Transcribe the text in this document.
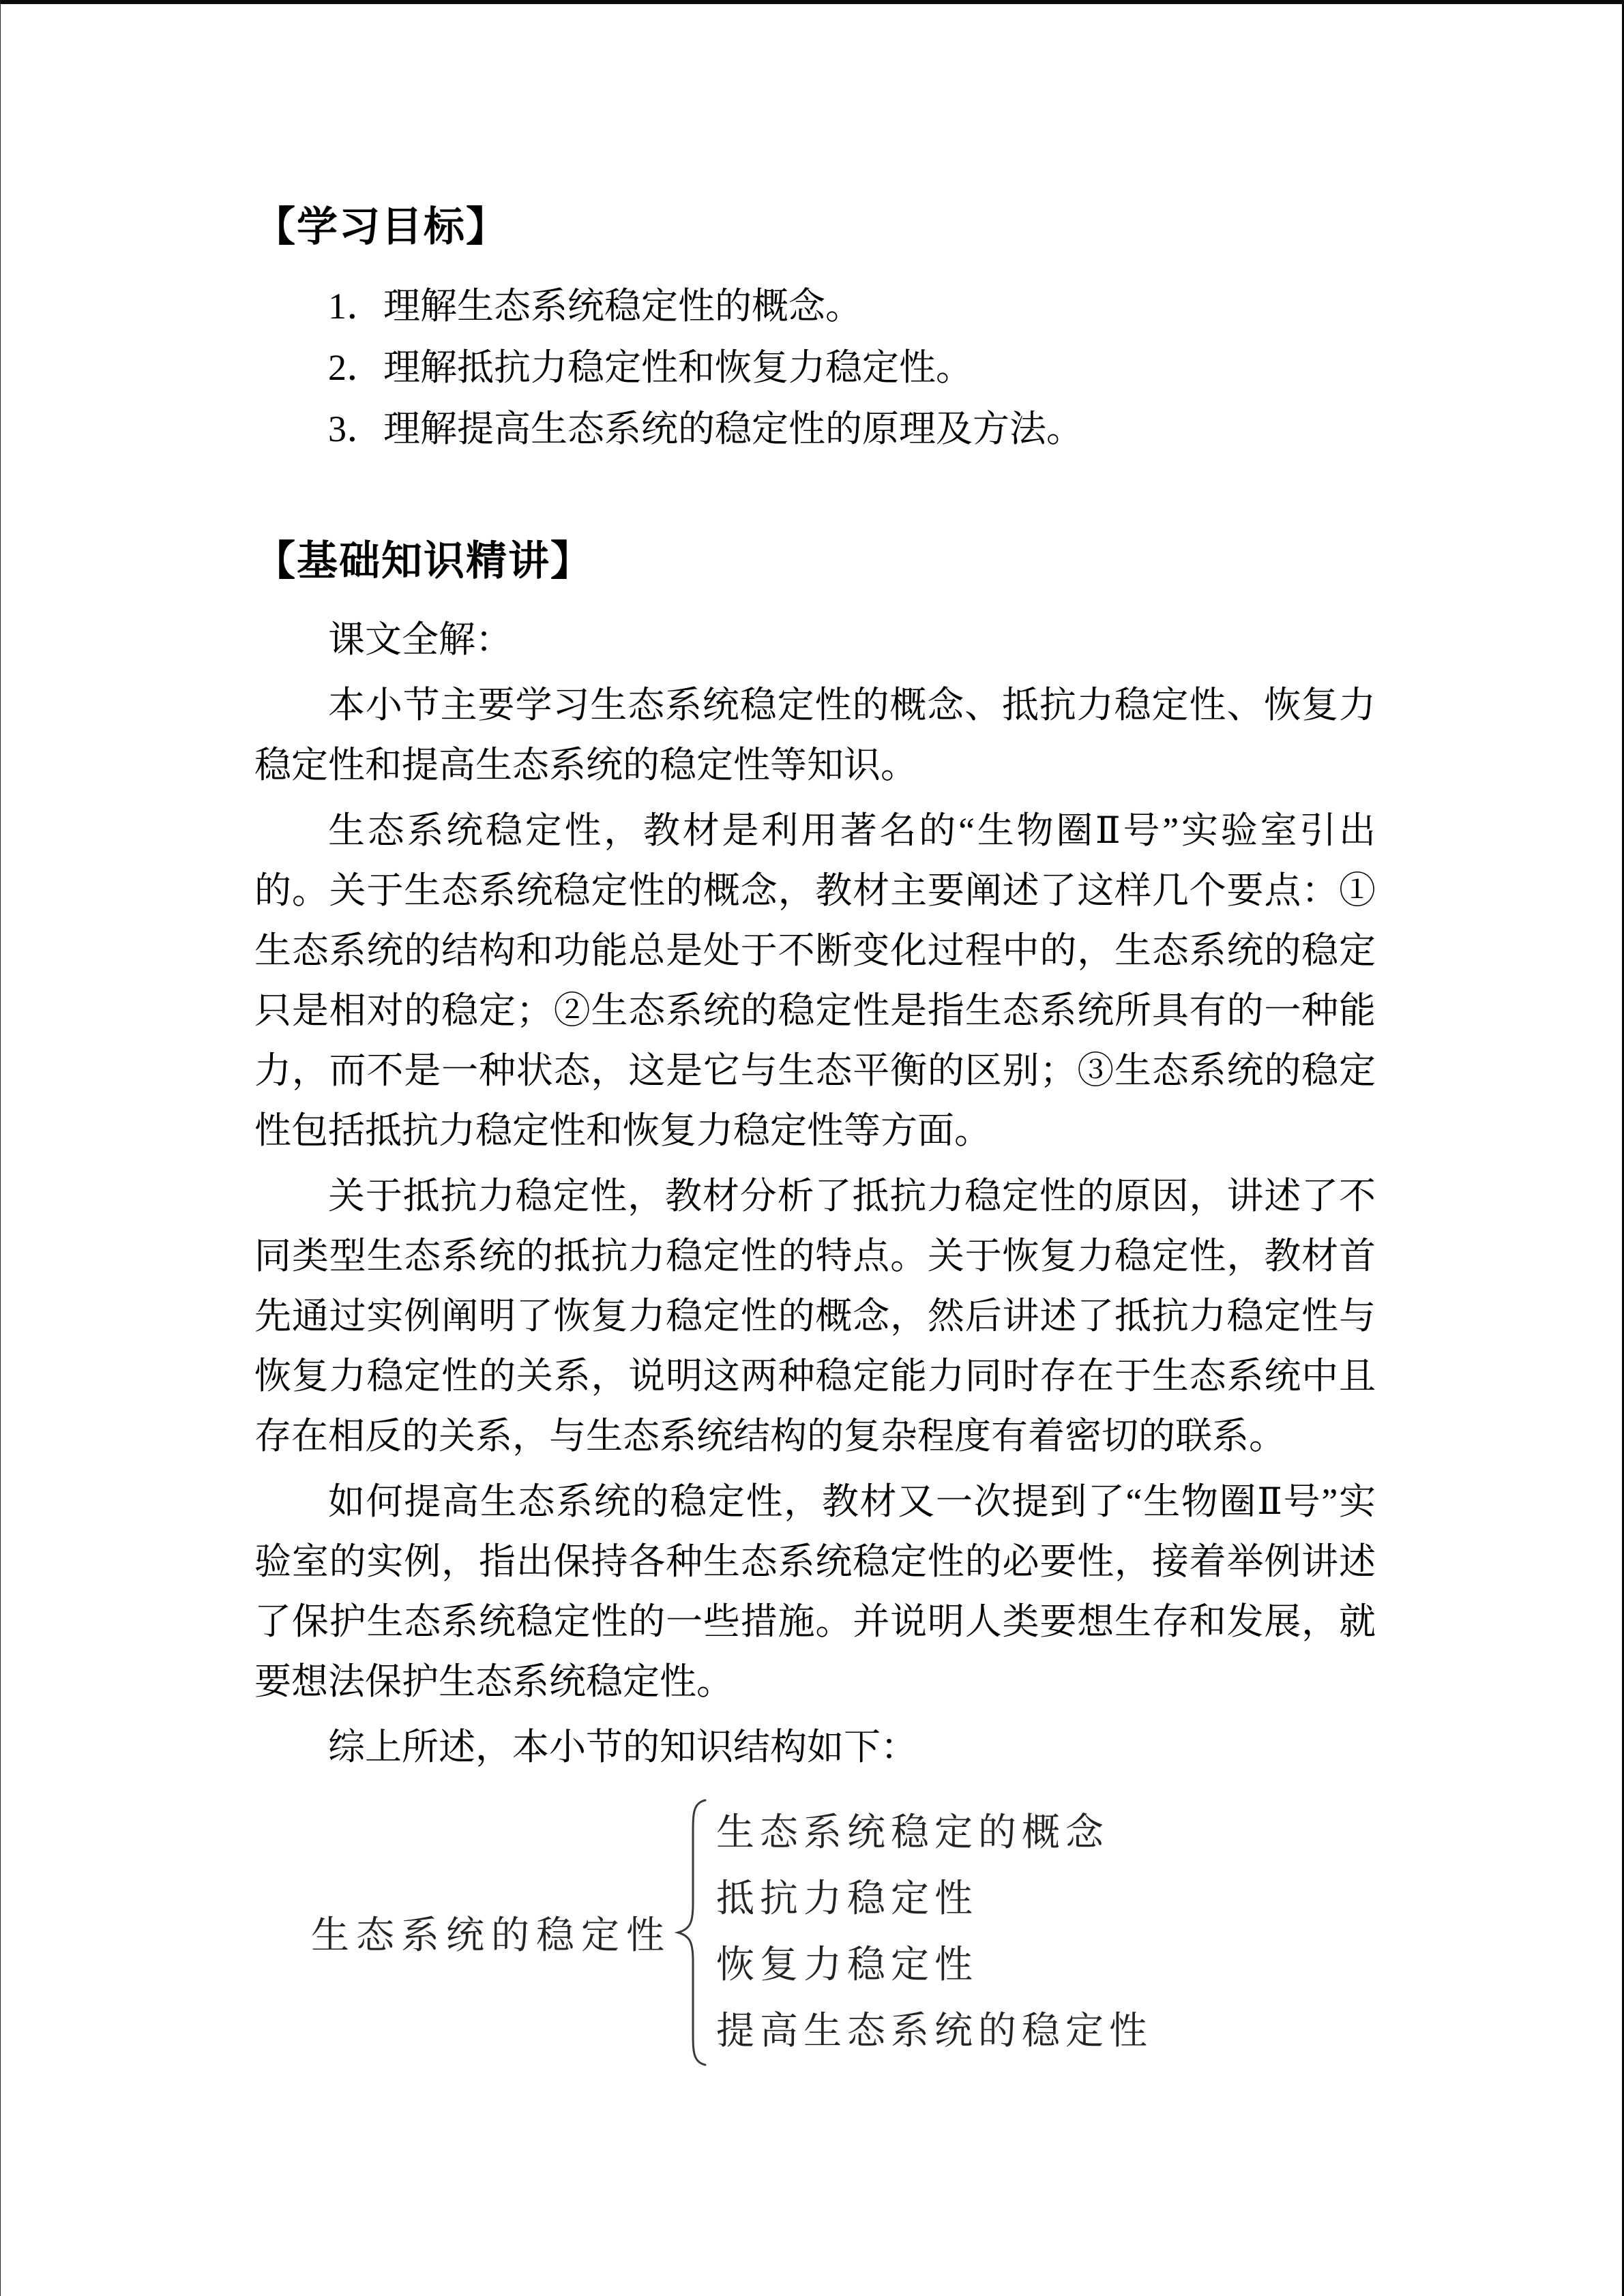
【学习目标】

1．理解生态系统稳定性的概念。

2．理解抵抗力稳定性和恢复力稳定性。

3．理解提高生态系统的稳定性的原理及方法。

【基础知识精讲】

课文全解：

本小节主要学习生态系统稳定性的概念、抵抗力稳定性、恢复力稳定性和提高生态系统的稳定性等知识。

生态系统稳定性，教材是利用著名的“生物圈Ⅱ号”实验室引出的。关于生态系统稳定性的概念，教材主要阐述了这样几个要点：①生态系统的结构和功能总是处于不断变化过程中的，生态系统的稳定只是相对的稳定；②生态系统的稳定性是指生态系统所具有的一种能力，而不是一种状态，这是它与生态平衡的区别；③生态系统的稳定性包括抵抗力稳定性和恢复力稳定性等方面。

关于抵抗力稳定性，教材分析了抵抗力稳定性的原因，讲述了不同类型生态系统的抵抗力稳定性的特点。关于恢复力稳定性，教材首先通过实例阐明了恢复力稳定性的概念，然后讲述了抵抗力稳定性与恢复力稳定性的关系，说明这两种稳定能力同时存在于生态系统中且存在相反的关系，与生态系统结构的复杂程度有着密切的联系。

如何提高生态系统的稳定性，教材又一次提到了“生物圈Ⅱ号”实验室的实例，指出保持各种生态系统稳定性的必要性，接着举例讲述了保护生态系统稳定性的一些措施。并说明人类要想生存和发展，就要想法保护生态系统稳定性。

综上所述，本小节的知识结构如下：

生态系统的稳定性
生态系统稳定的概念
抵抗力稳定性
恢复力稳定性
提高生态系统的稳定性
